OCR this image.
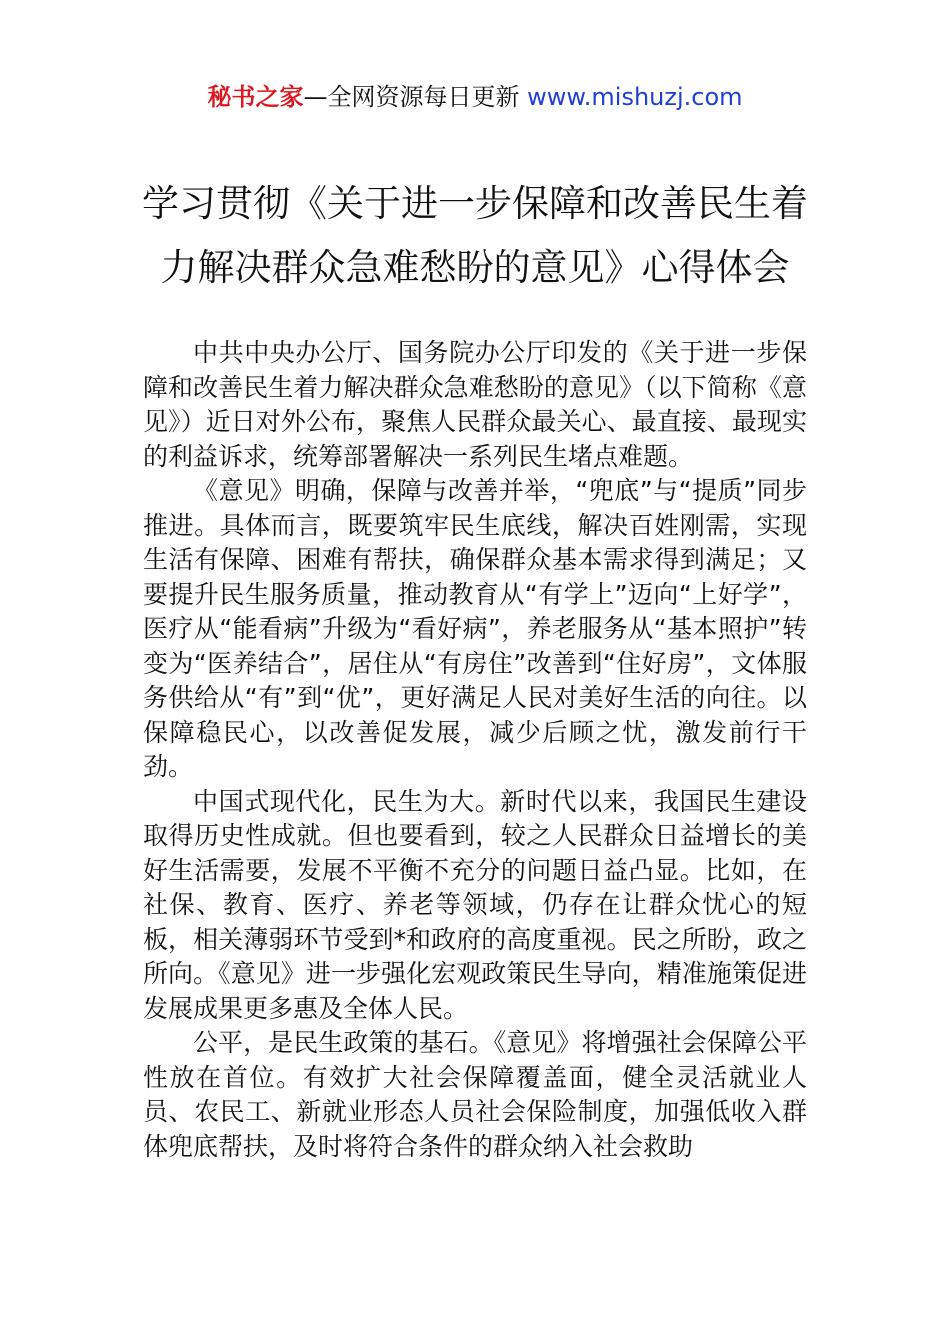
秘书之家—全网资源每日更新 www.mishuzj.com
学习贯彻《关于进一步保障和改善民生着
力解决群众急难愁盼的意见》心得体会

中共中央办公厅、国务院办公厅印发的《关于进一步保障和改善民生着力解决群众急难愁盼的意见》（以下简称《意见》）近日对外公布，聚焦人民群众最关心、最直接、最现实的利益诉求，统筹部署解决一系列民生堵点难题。

《意见》明确，保障与改善并举，“兜底”与“提质”同步推进。具体而言，既要筑牢民生底线，解决百姓刚需，实现生活有保障、困难有帮扶，确保群众基本需求得到满足；又要提升民生服务质量，推动教育从“有学上”迈向“上好学”，医疗从“能看病”升级为“看好病”，养老服务从“基本照护”转变为“医养结合”，居住从“有房住”改善到“住好房”，文体服务供给从“有”到“优”，更好满足人民对美好生活的向往。以保障稳民心，以改善促发展，减少后顾之忧，激发前行干劲。

中国式现代化，民生为大。新时代以来，我国民生建设取得历史性成就。但也要看到，较之人民群众日益增长的美好生活需要，发展不平衡不充分的问题日益凸显。比如，在社保、教育、医疗、养老等领域，仍存在让群众忧心的短板，相关薄弱环节受到*和政府的高度重视。民之所盼，政之所向。《意见》进一步强化宏观政策民生导向，精准施策促进发展成果更多惠及全体人民。

公平，是民生政策的基石。《意见》将增强社会保障公平性放在首位。有效扩大社会保障覆盖面，健全灵活就业人员、农民工、新就业形态人员社会保险制度，加强低收入群体兜底帮扶，及时将符合条件的群众纳入社会救助
